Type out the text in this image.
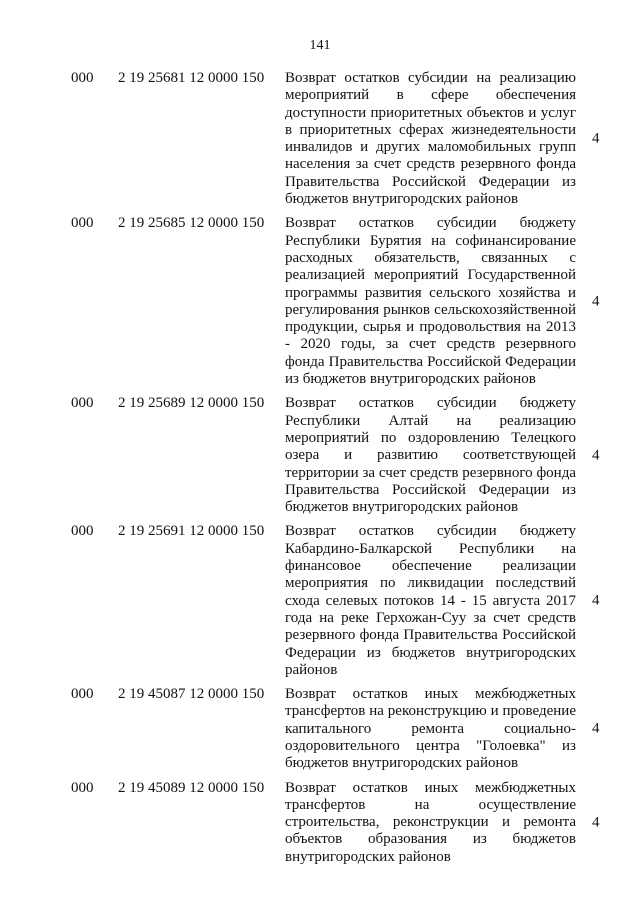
141
000 2 19 25681 12 0000 150 Возврат остатков субсидии на реализацию мероприятий в сфере обеспечения доступности приоритетных объектов и услуг в приоритетных сферах жизнедеятельности инвалидов и других маломобильных групп населения за счет средств резервного фонда Правительства Российской Федерации из бюджетов внутригородских районов
4
000 2 19 25685 12 0000 150 Возврат остатков субсидии бюджету Республики Бурятия на софинансирование расходных обязательств, связанных с реализацией мероприятий Государственной программы развития сельского хозяйства и регулирования рынков сельскохозяйственной продукции, сырья и продовольствия на 2013 - 2020 годы, за счет средств резервного фонда Правительства Российской Федерации из бюджетов внутригородских районов
4
000 2 19 25689 12 0000 150 Возврат остатков субсидии бюджету Республики Алтай на реализацию мероприятий по оздоровлению Телецкого озера и развитию соответствующей территории за счет средств резервного фонда Правительства Российской Федерации из бюджетов внутригородских районов
4
000 2 19 25691 12 0000 150 Возврат остатков субсидии бюджету Кабардино-Балкарской Республики на финансовое обеспечение реализации мероприятия по ликвидации последствий схода селевых потоков 14 - 15 августа 2017 года на реке Герхожан-Суу за счет средств резервного фонда Правительства Российской Федерации из бюджетов внутригородских районов
4
000 2 19 45087 12 0000 150 Возврат остатков иных межбюджетных трансфертов на реконструкцию и проведение капитального ремонта социально-оздоровительного центра "Голоевка" из бюджетов внутригородских районов
4
000 2 19 45089 12 0000 150 Возврат остатков иных межбюджетных трансфертов на осуществление строительства, реконструкции и ремонта объектов образования из бюджетов внутригородских районов
4
